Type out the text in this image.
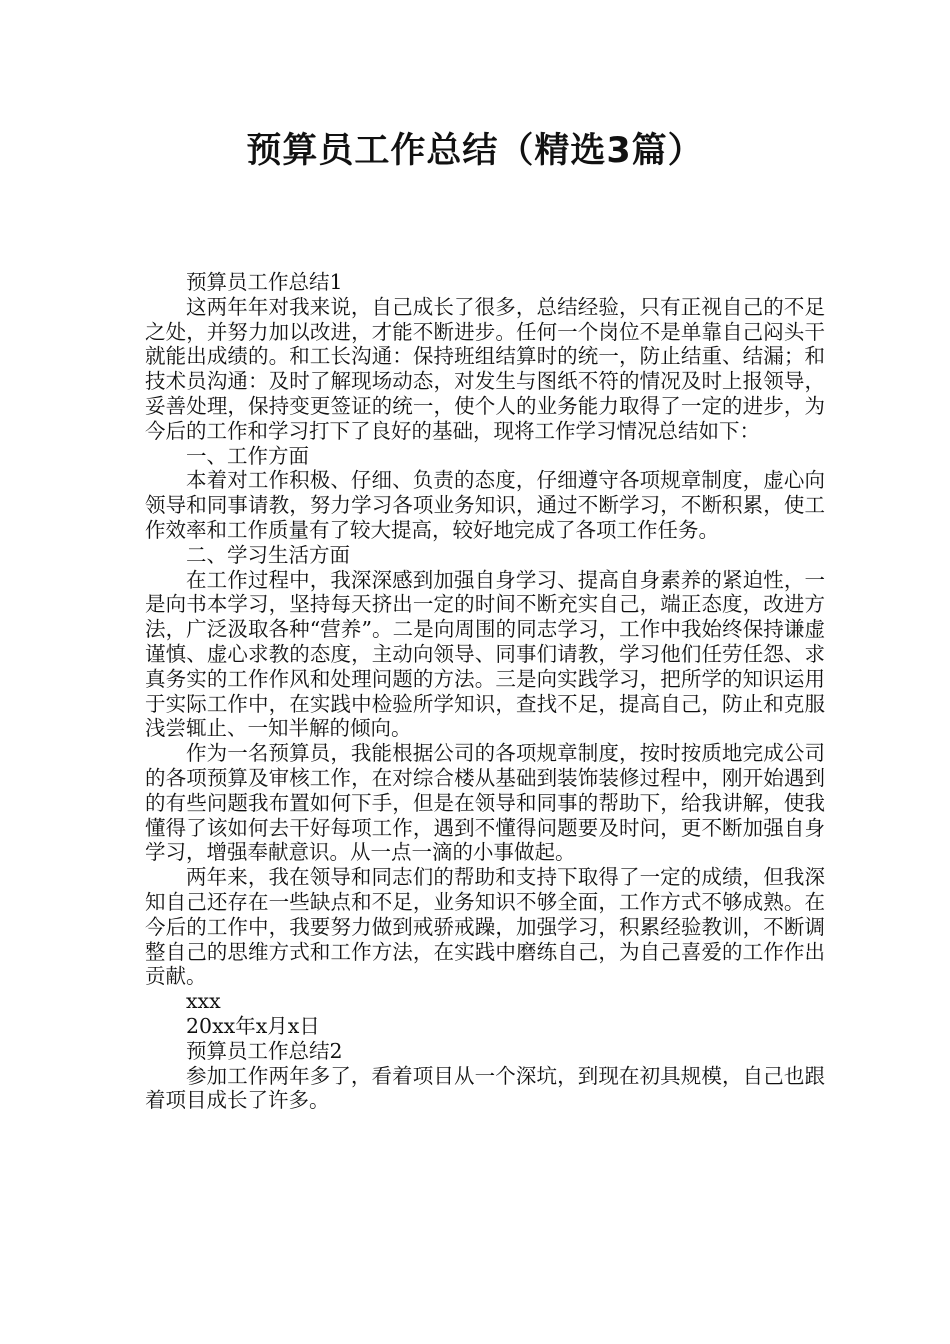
预算员工作总结（精选3篇）

预算员工作总结1

这两年年对我来说，自己成长了很多，总结经验，只有正视自己的不足之处，并努力加以改进，才能不断进步。任何一个岗位不是单靠自己闷头干就能出成绩的。和工长沟通：保持班组结算时的统一，防止结重、结漏；和技术员沟通：及时了解现场动态，对发生与图纸不符的情况及时上报领导，妥善处理，保持变更签证的统一，使个人的业务能力取得了一定的进步，为今后的工作和学习打下了良好的基础，现将工作学习情况总结如下：

一、工作方面

本着对工作积极、仔细、负责的态度，仔细遵守各项规章制度，虚心向领导和同事请教，努力学习各项业务知识，通过不断学习，不断积累，使工作效率和工作质量有了较大提高，较好地完成了各项工作任务。

二、学习生活方面

在工作过程中，我深深感到加强自身学习、提高自身素养的紧迫性，一是向书本学习，坚持每天挤出一定的时间不断充实自己，端正态度，改进方法，广泛汲取各种“营养”。二是向周围的同志学习，工作中我始终保持谦虚谨慎、虚心求教的态度，主动向领导、同事们请教，学习他们任劳任怨、求真务实的工作作风和处理问题的方法。三是向实践学习，把所学的知识运用于实际工作中，在实践中检验所学知识，查找不足，提高自己，防止和克服浅尝辄止、一知半解的倾向。

作为一名预算员，我能根据公司的各项规章制度，按时按质地完成公司的各项预算及审核工作，在对综合楼从基础到装饰装修过程中，刚开始遇到的有些问题我布置如何下手，但是在领导和同事的帮助下，给我讲解，使我懂得了该如何去干好每项工作，遇到不懂得问题要及时问，更不断加强自身学习，增强奉献意识。从一点一滴的小事做起。

两年来，我在领导和同志们的帮助和支持下取得了一定的成绩，但我深知自己还存在一些缺点和不足，业务知识不够全面，工作方式不够成熟。在今后的工作中，我要努力做到戒骄戒躁，加强学习，积累经验教训，不断调整自己的思维方式和工作方法，在实践中磨练自己，为自己喜爱的工作作出贡献。

xxx

20xx年x月x日

预算员工作总结2

参加工作两年多了，看着项目从一个深坑，到现在初具规模，自己也跟着项目成长了许多。
